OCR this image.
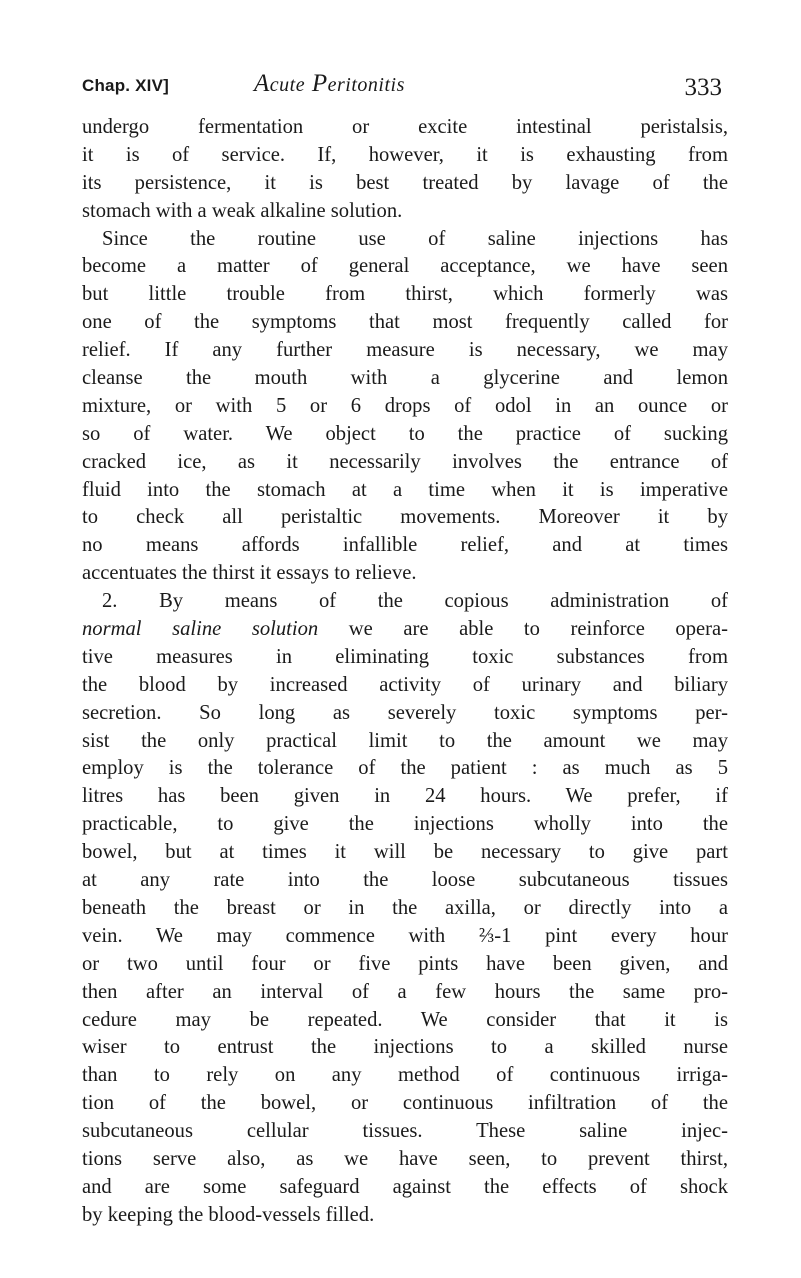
Chap. XIV]	Acute Peritonitis	333
undergo fermentation or excite intestinal peristalsis,
it is of service. If, however, it is exhausting from
its persistence, it is best treated by lavage of the
stomach with a weak alkaline solution.
Since the routine use of saline injections has
become a matter of general acceptance, we have seen
but little trouble from thirst, which formerly was
one of the symptoms that most frequently called for
relief. If any further measure is necessary, we may
cleanse the mouth with a glycerine and lemon
mixture, or with 5 or 6 drops of odol in an ounce or
so of water. We object to the practice of sucking
cracked ice, as it necessarily involves the entrance of
fluid into the stomach at a time when it is imperative
to check all peristaltic movements. Moreover it by
no means affords infallible relief, and at times
accentuates the thirst it essays to relieve.
2. By means of the copious administration of
normal saline solution we are able to reinforce opera-
tive measures in eliminating toxic substances from
the blood by increased activity of urinary and biliary
secretion. So long as severely toxic symptoms per-
sist the only practical limit to the amount we may
employ is the tolerance of the patient : as much as 5
litres has been given in 24 hours. We prefer, if
practicable, to give the injections wholly into the
bowel, but at times it will be necessary to give part
at any rate into the loose subcutaneous tissues
beneath the breast or in the axilla, or directly into a
vein. We may commence with ⅔-1 pint every hour
or two until four or five pints have been given, and
then after an interval of a few hours the same pro-
cedure may be repeated. We consider that it is
wiser to entrust the injections to a skilled nurse
than to rely on any method of continuous irriga-
tion of the bowel, or continuous infiltration of the
subcutaneous cellular tissues. These saline injec-
tions serve also, as we have seen, to prevent thirst,
and are some safeguard against the effects of shock
by keeping the blood-vessels filled.
